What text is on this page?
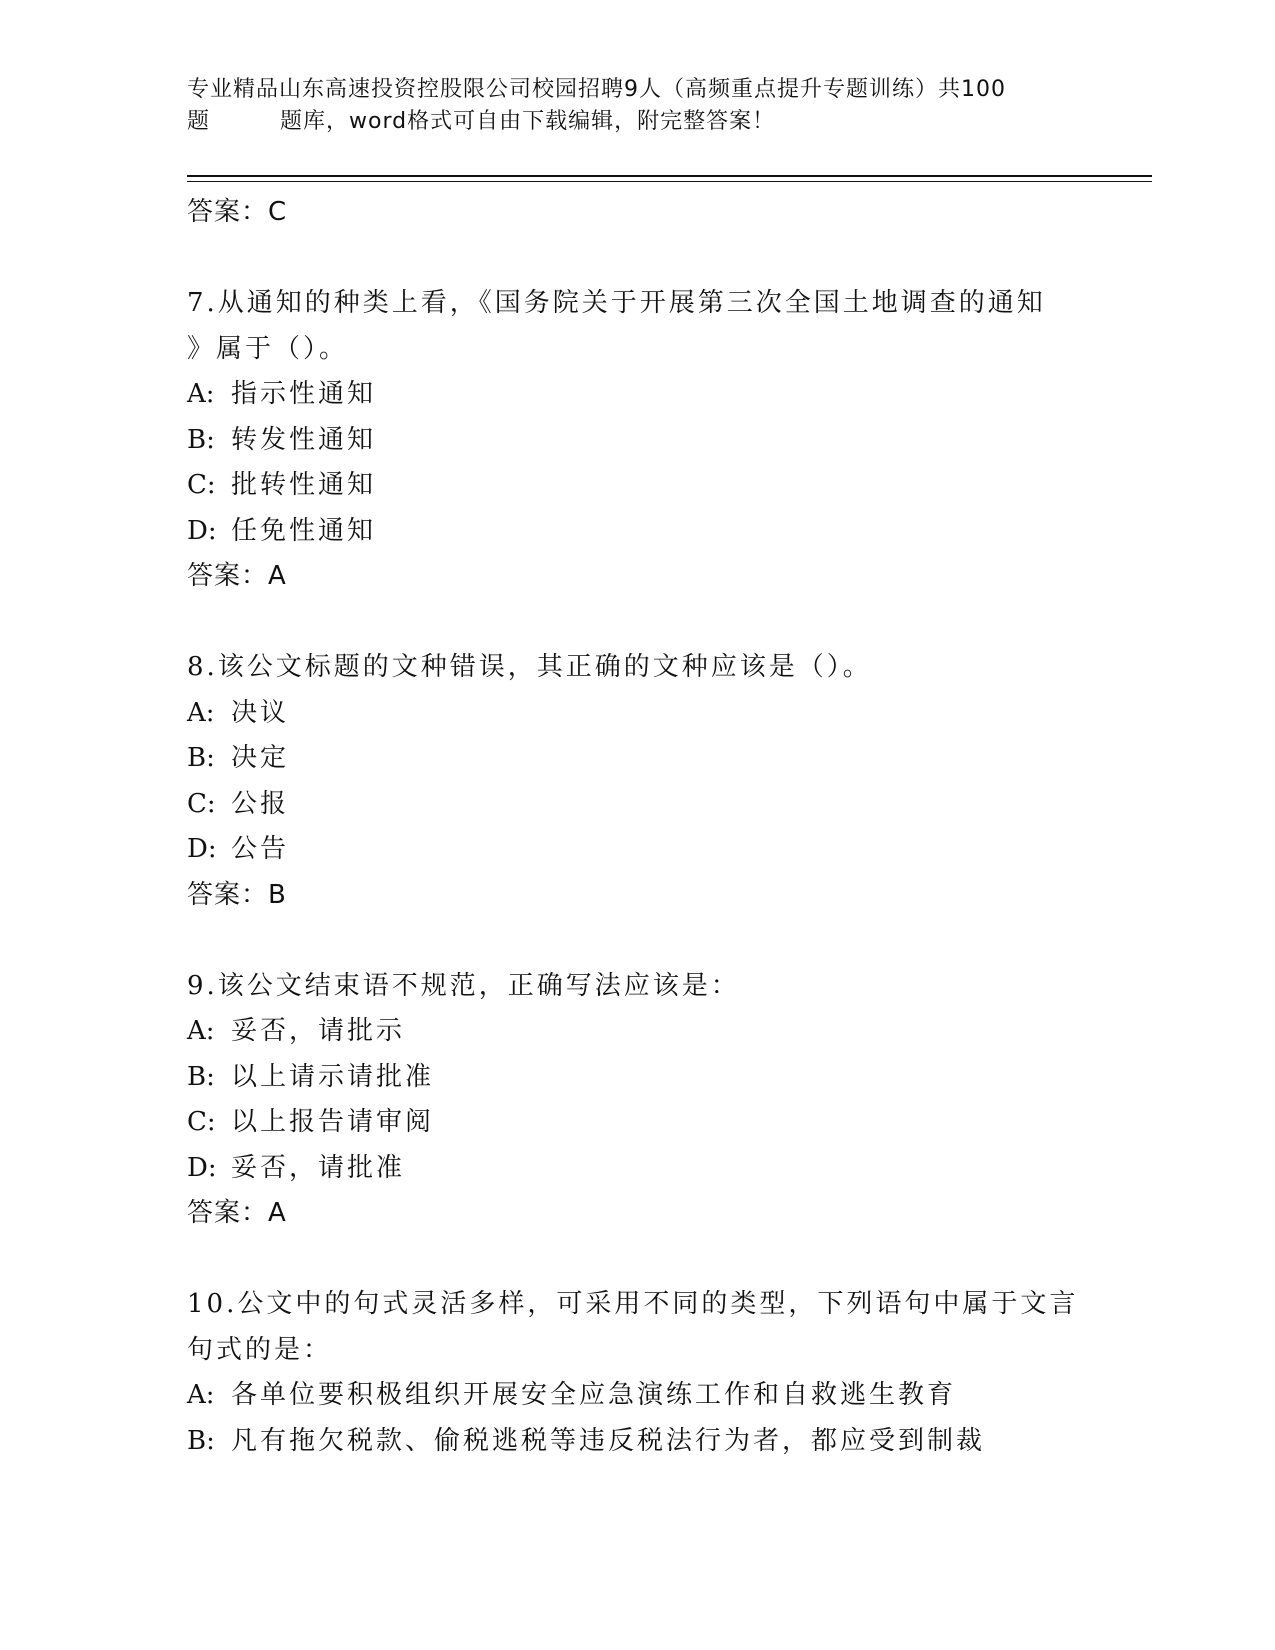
专业精品山东高速投资控股限公司校园招聘9人（高频重点提升专题训练）共100
题	题库，word格式可自由下载编辑，附完整答案！
答案：C
7.从通知的种类上看，《国务院关于开展第三次全国土地调查的通知
》属于（）。
A: 指示性通知
B: 转发性通知
C: 批转性通知
D: 任免性通知
答案：A
8.该公文标题的文种错误，其正确的文种应该是（）。
A: 决议
B: 决定
C: 公报
D: 公告
答案：B
9.该公文结束语不规范，正确写法应该是：
A: 妥否，请批示
B: 以上请示请批准
C: 以上报告请审阅
D: 妥否，请批准
答案：A
10.公文中的句式灵活多样，可采用不同的类型，下列语句中属于文言
句式的是：
A: 各单位要积极组织开展安全应急演练工作和自救逃生教育
B: 凡有拖欠税款、偷税逃税等违反税法行为者，都应受到制裁
